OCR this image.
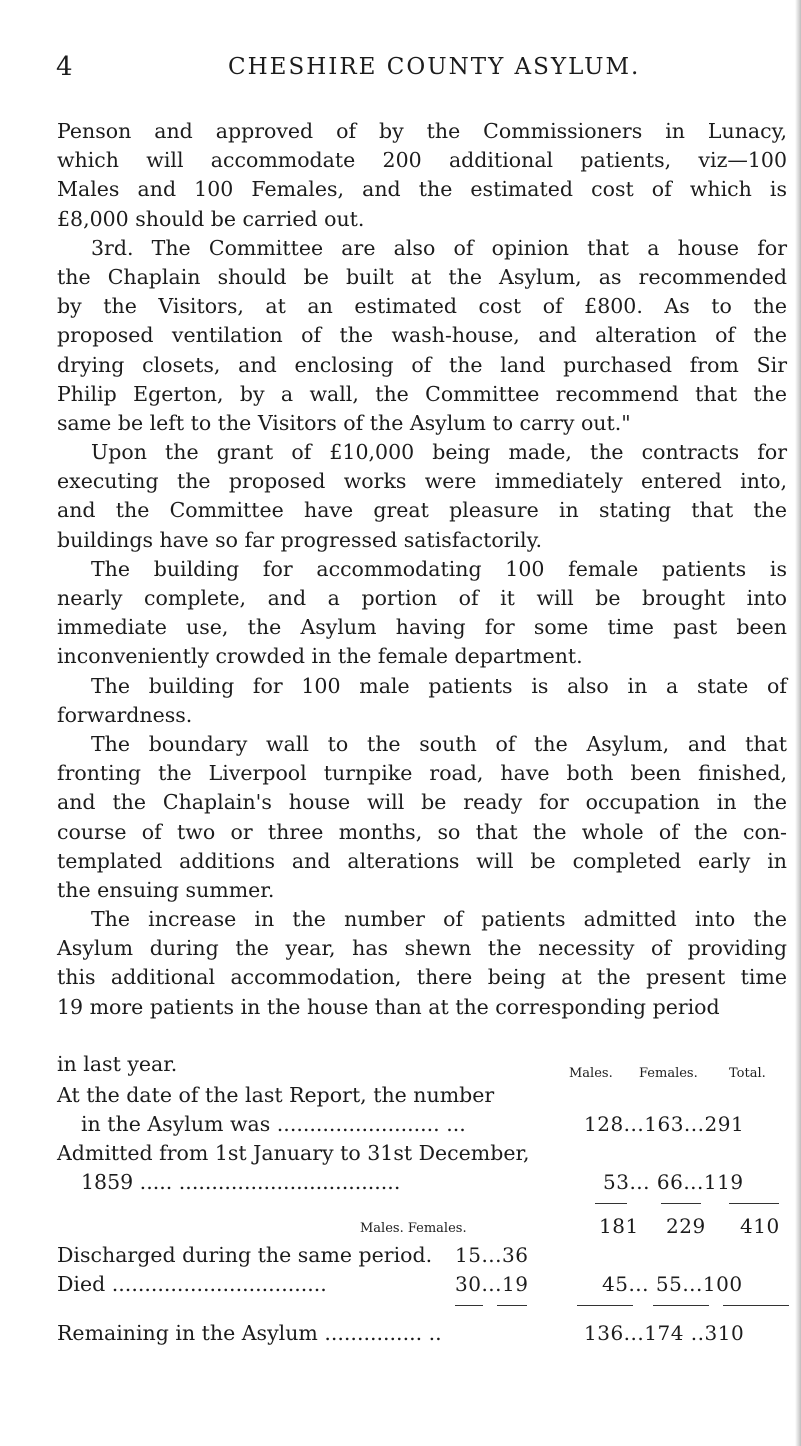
4	CHESHIRE COUNTY ASYLUM.
Penson and approved of by the Commissioners in Lunacy,
which will accommodate 200 additional patients, viz—100
Males and 100 Females, and the estimated cost of which is
£8,000 should be carried out.
3rd. The Committee are also of opinion that a house for
the Chaplain should be built at the Asylum, as recommended
by the Visitors, at an estimated cost of £800. As to the
proposed ventilation of the wash-house, and alteration of the
drying closets, and enclosing of the land purchased from Sir
Philip Egerton, by a wall, the Committee recommend that the
same be left to the Visitors of the Asylum to carry out."
Upon the grant of £10,000 being made, the contracts for
executing the proposed works were immediately entered into,
and the Committee have great pleasure in stating that the
buildings have so far progressed satisfactorily.
The building for accommodating 100 female patients is
nearly complete, and a portion of it will be brought into
immediate use, the Asylum having for some time past been
inconveniently crowded in the female department.
The building for 100 male patients is also in a state of
forwardness.
The boundary wall to the south of the Asylum, and that
fronting the Liverpool turnpike road, have both been finished,
and the Chaplain's house will be ready for occupation in the
course of two or three months, so that the whole of the con-
templated additions and alterations will be completed early in
the ensuing summer.
The increase in the number of patients admitted into the
Asylum during the year, has shewn the necessity of providing
this additional accommodation, there being at the present time
19 more patients in the house than at the corresponding period
in last year.	Males. Females. Total.
At the date of the last Report, the number
in the Asylum was ......................... ...	128...163...291
Admitted from 1st January to 31st December,
1859 ..... ..................................	53... 66...119
Males. Females.	181 229 410
Discharged during the same period. 15...36
Died .................................	30...19	45... 55...100
Remaining in the Asylum ............... ..	136...174 ..310
